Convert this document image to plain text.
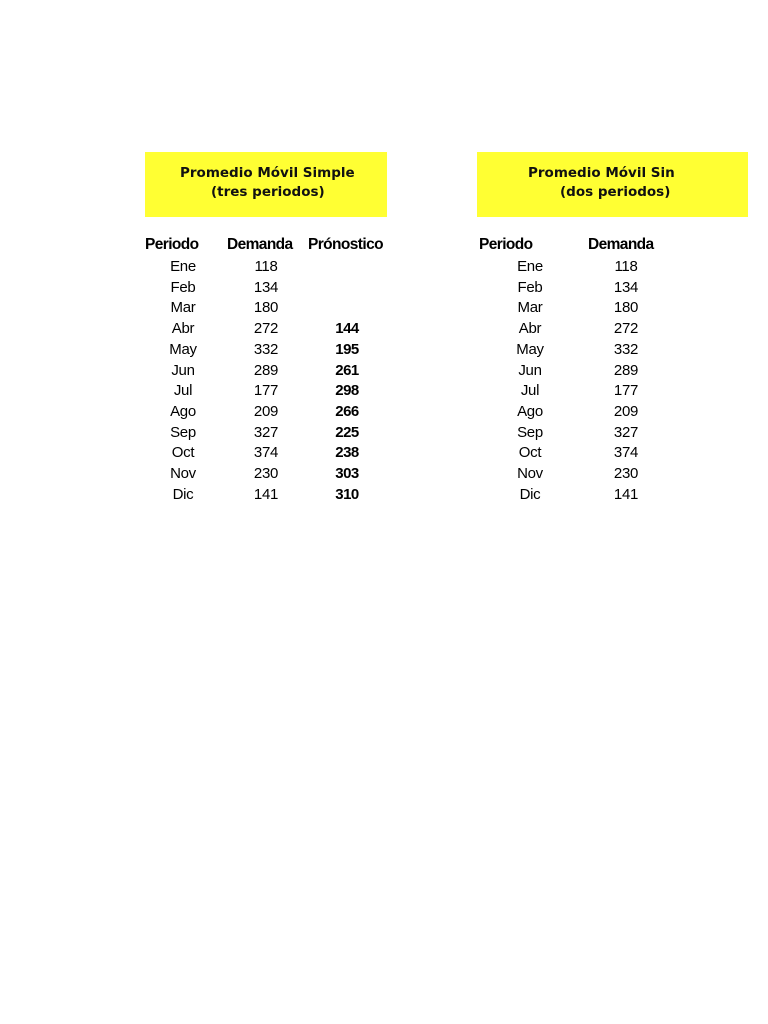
Promedio Móvil Simple
(tres periodos)
Promedio Móvil Sin
(dos periodos)
Periodo Demanda Prónostico
Ene	118
Feb	134
Mar	180
Abr	272	144
May	332	195
Jun	289	261
Jul	177	298
Ago	209	266
Sep	327	225
Oct	374	238
Nov	230	303
Dic	141	310
Periodo	Demanda
Ene	118
Feb	134
Mar	180
Abr	272
May	332
Jun	289
Jul	177
Ago	209
Sep	327
Oct	374
Nov	230
Dic	141
